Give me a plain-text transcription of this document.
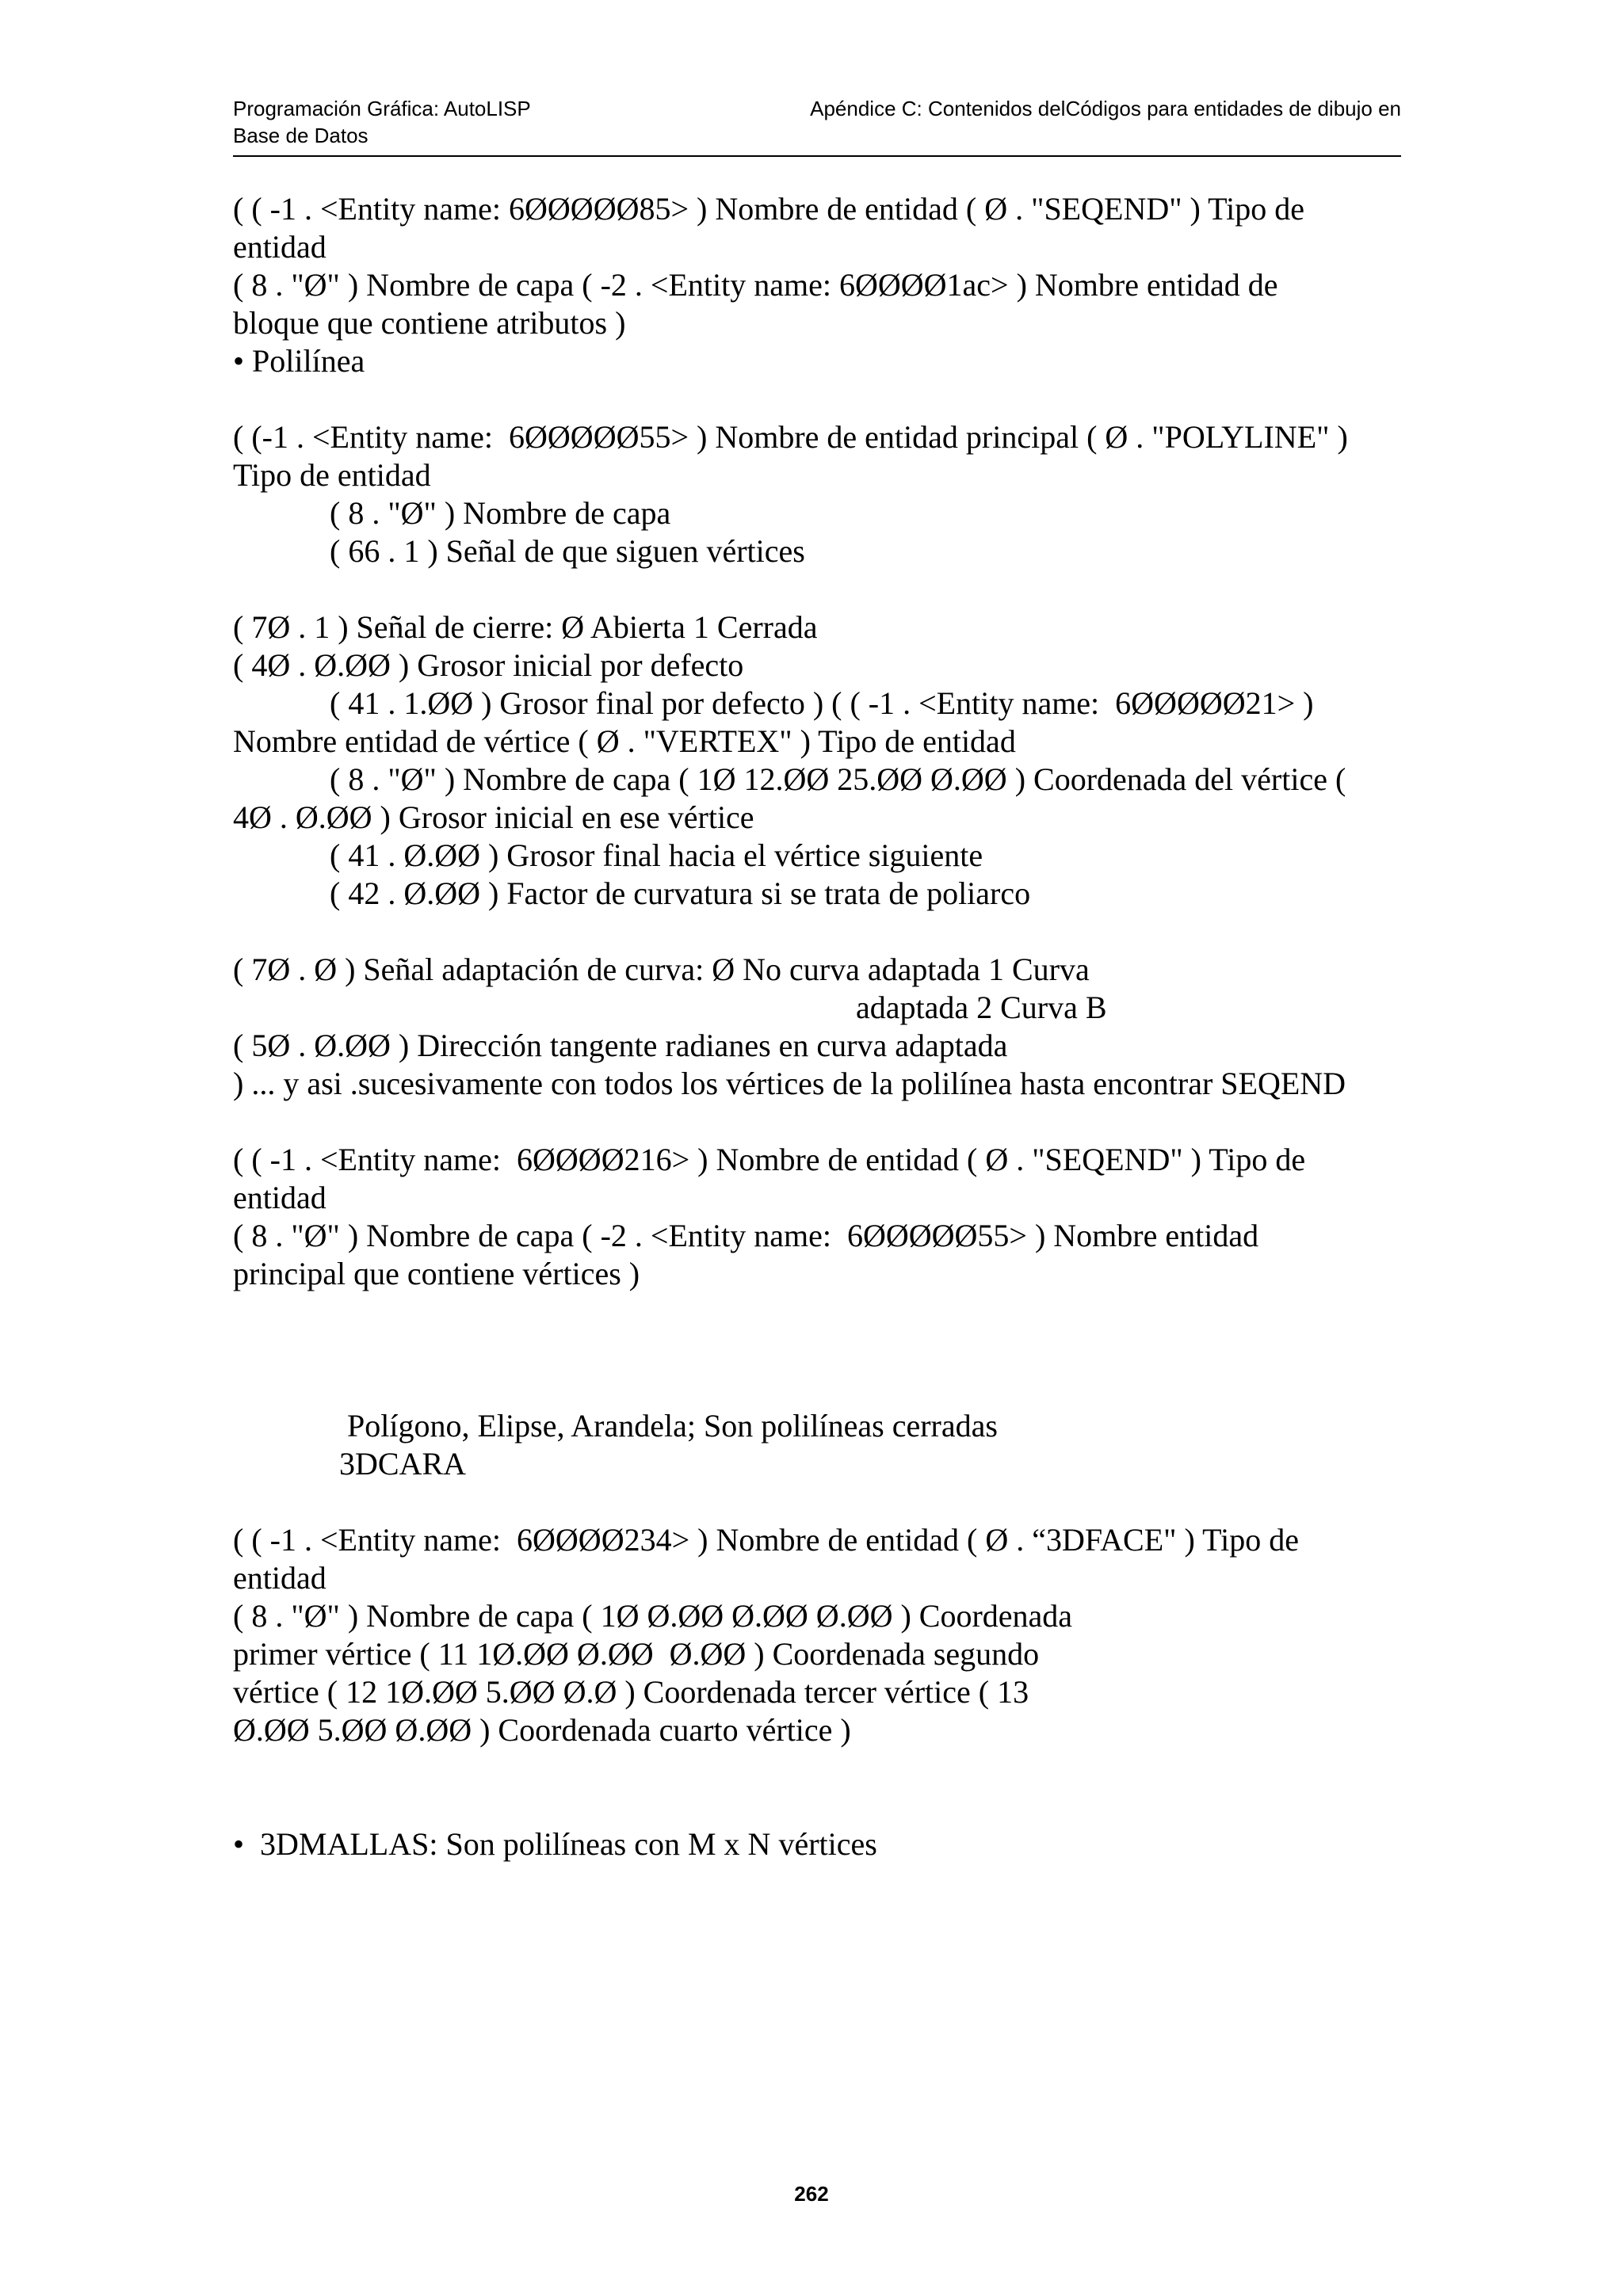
Programación Gráfica: AutoLISP
Base de Datos
Apéndice C: Contenidos delCódigos para entidades de dibujo en
( ( -1 . <Entity name: 6ØØØØØ85> ) Nombre de entidad ( Ø . "SEQEND" ) Tipo de
entidad
( 8 . "Ø" ) Nombre de capa ( -2 . <Entity name: 6ØØØØ1ac> ) Nombre entidad de
bloque que contiene atributos )
• Polilínea
( (-1 . <Entity name:  6ØØØØØ55> ) Nombre de entidad principal ( Ø . "POLYLINE" )
Tipo de entidad
( 8 . "Ø" ) Nombre de capa
( 66 . 1 ) Señal de que siguen vértices
( 7Ø . 1 ) Señal de cierre: Ø Abierta 1 Cerrada
( 4Ø . Ø.ØØ ) Grosor inicial por defecto
( 41 . 1.ØØ ) Grosor final por defecto ) ( ( -1 . <Entity name:  6ØØØØØ21> )
Nombre entidad de vértice ( Ø . "VERTEX" ) Tipo de entidad
( 8 . "Ø" ) Nombre de capa ( 1Ø 12.ØØ 25.ØØ Ø.ØØ ) Coordenada del vértice (
4Ø . Ø.ØØ ) Grosor inicial en ese vértice
( 41 . Ø.ØØ ) Grosor final hacia el vértice siguiente
( 42 . Ø.ØØ ) Factor de curvatura si se trata de poliarco
( 7Ø . Ø ) Señal adaptación de curva: Ø No curva adaptada 1 Curva
adaptada 2 Curva B
( 5Ø . Ø.ØØ ) Dirección tangente radianes en curva adaptada
) ... y asi .sucesivamente con todos los vértices de la polilínea hasta encontrar SEQEND
( ( -1 . <Entity name:  6ØØØØ216> ) Nombre de entidad ( Ø . "SEQEND" ) Tipo de
entidad
( 8 . "Ø" ) Nombre de capa ( -2 . <Entity name:  6ØØØØØ55> ) Nombre entidad
principal que contiene vértices )
Polígono, Elipse, Arandela; Son polilíneas cerradas
3DCARA
( ( -1 . <Entity name:  6ØØØØ234> ) Nombre de entidad ( Ø . “3DFACE" ) Tipo de
entidad
( 8 . "Ø" ) Nombre de capa ( 1Ø Ø.ØØ Ø.ØØ Ø.ØØ ) Coordenada
primer vértice ( 11 1Ø.ØØ Ø.ØØ  Ø.ØØ ) Coordenada segundo
vértice ( 12 1Ø.ØØ 5.ØØ Ø.Ø ) Coordenada tercer vértice ( 13
Ø.ØØ 5.ØØ Ø.ØØ ) Coordenada cuarto vértice )
•  3DMALLAS: Son polilíneas con M x N vértices
262
